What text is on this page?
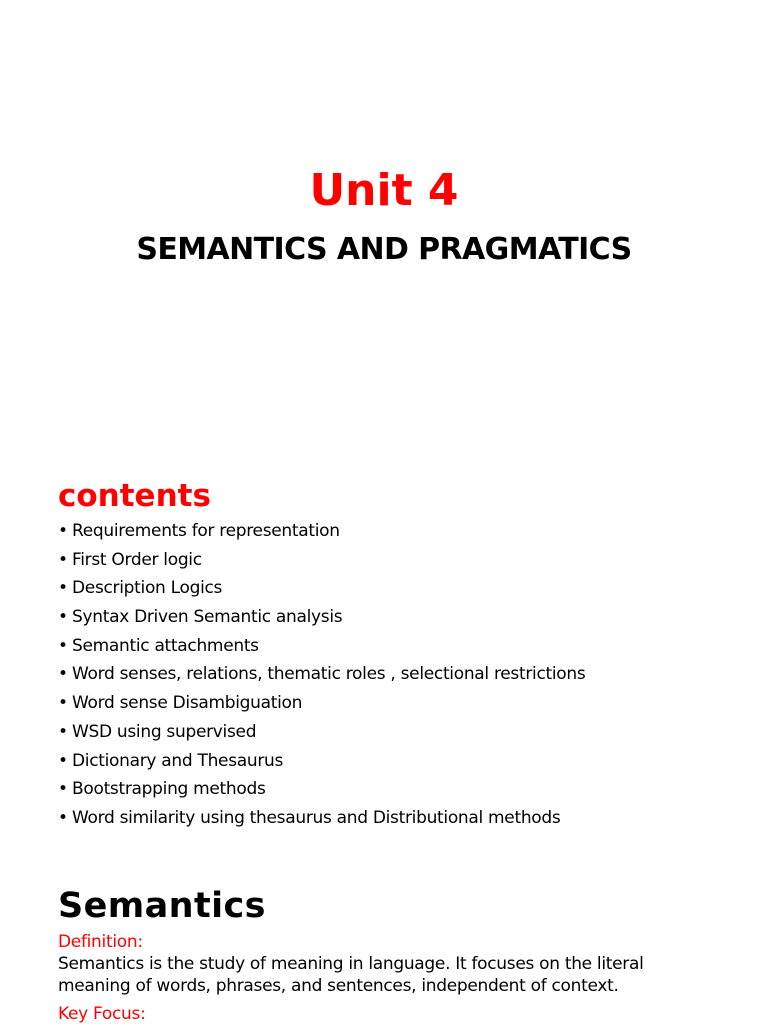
Unit 4
SEMANTICS AND PRAGMATICS
contents
• Requirements for representation
• First Order logic
• Description Logics
• Syntax Driven Semantic analysis
• Semantic attachments
• Word senses, relations, thematic roles , selectional restrictions
• Word sense Disambiguation
• WSD using supervised
• Dictionary and Thesaurus
• Bootstrapping methods
• Word similarity using thesaurus and Distributional methods
Semantics

Definition:

Semantics is the study of meaning in language. It focuses on the literal meaning of words, phrases, and sentences, independent of context.

Key Focus:
